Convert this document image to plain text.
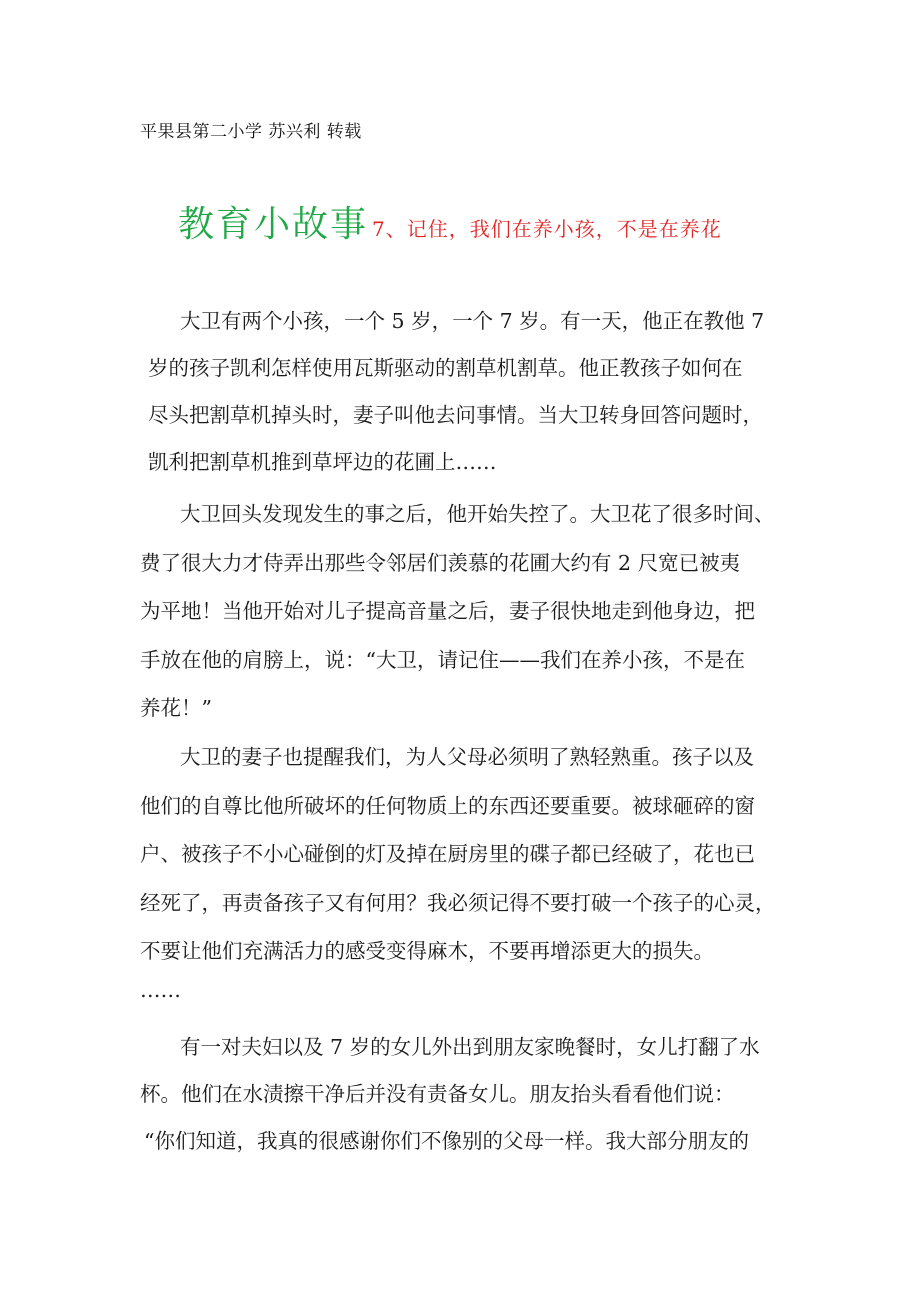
平果县第二小学 苏兴利 转载
教育小故事 7、记住，我们在养小孩，不是在养花
大卫有两个小孩，一个 5 岁，一个 7 岁。有一天，他正在教他 7
岁的孩子凯利怎样使用瓦斯驱动的割草机割草。他正教孩子如何在
尽头把割草机掉头时，妻子叫他去问事情。当大卫转身回答问题时，
凯利把割草机推到草坪边的花圃上……
大卫回头发现发生的事之后，他开始失控了。大卫花了很多时间、
费了很大力才侍弄出那些令邻居们羡慕的花圃大约有 2 尺宽已被夷
为平地！当他开始对儿子提高音量之后，妻子很快地走到他身边，把
手放在他的肩膀上，说：“大卫，请记住——我们在养小孩，不是在
养花！”
大卫的妻子也提醒我们，为人父母必须明了熟轻熟重。孩子以及
他们的自尊比他所破坏的任何物质上的东西还要重要。被球砸碎的窗
户、被孩子不小心碰倒的灯及掉在厨房里的碟子都已经破了，花也已
经死了，再责备孩子又有何用？我必须记得不要打破一个孩子的心灵，
不要让他们充满活力的感受变得麻木，不要再增添更大的损失。
……
有一对夫妇以及 7 岁的女儿外出到朋友家晚餐时，女儿打翻了水
杯。他们在水渍擦干净后并没有责备女儿。朋友抬头看看他们说：
“你们知道，我真的很感谢你们不像别的父母一样。我大部分朋友的
